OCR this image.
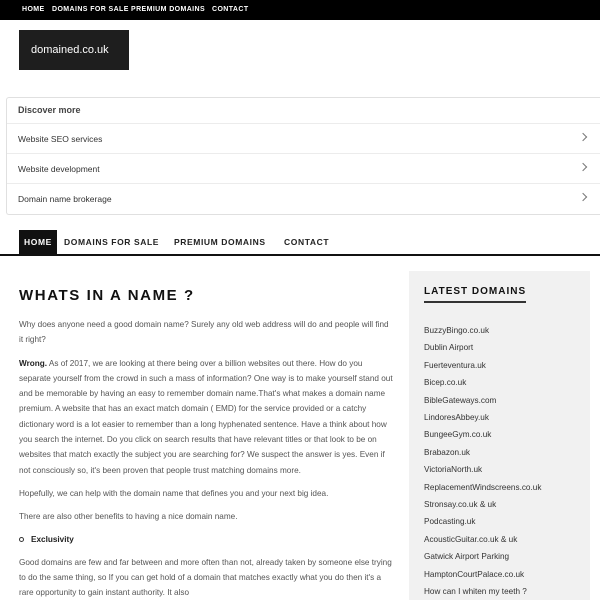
HOME DOMAINS FOR SALE PREMIUM DOMAINS CONTACT
domained.co.uk
Discover more
Website SEO services
Website development
Domain name brokerage
HOME	DOMAINS FOR SALE PREMIUM DOMAINS CONTACT
WHATS IN A NAME ?

Why does anyone need a good domain name? Surely any old web address will do and people will find it right?

Wrong. As of 2017, we are looking at there being over a billion websites out there. How do you separate yourself from the crowd in such a mass of information? One way is to make yourself stand out and be memorable by having an easy to remember domain name.That's what makes a domain name premium. A website that has an exact match domain ( EMD) for the service provided or a catchy dictionary word is a lot easier to remember than a long hyphenated sentence. Have a think about how you search the internet. Do you click on search results that have relevant titles or that look to be on websites that match exactly the subject you are searching for? We suspect the answer is yes. Even if not consciously so, it's been proven that people trust matching domains more.

Hopefully, we can help with the domain name that defines you and your next big idea.

There are also other benefits to having a nice domain name.

Exclusivity

Good domains are few and far between and more often than not, already taken by someone else trying to do the same thing, so If you can get hold of a domain that matches exactly what you do then it's a rare opportunity to gain instant authority. It also

LATEST DOMAINS
BuzzyBingo.co.uk
Dublin Airport
Fuerteventura.uk
Bicep.co.uk
BibleGateways.com
LindoresAbbey.uk
BungeeGym.co.uk
Brabazon.uk
VictoriaNorth.uk
ReplacementWindscreens.co.uk
Stronsay.co.uk & uk
Podcasting.uk
AcousticGuitar.co.uk & uk
Gatwick Airport Parking
HamptonCourtPalace.co.uk
How can I whiten my teeth ?
